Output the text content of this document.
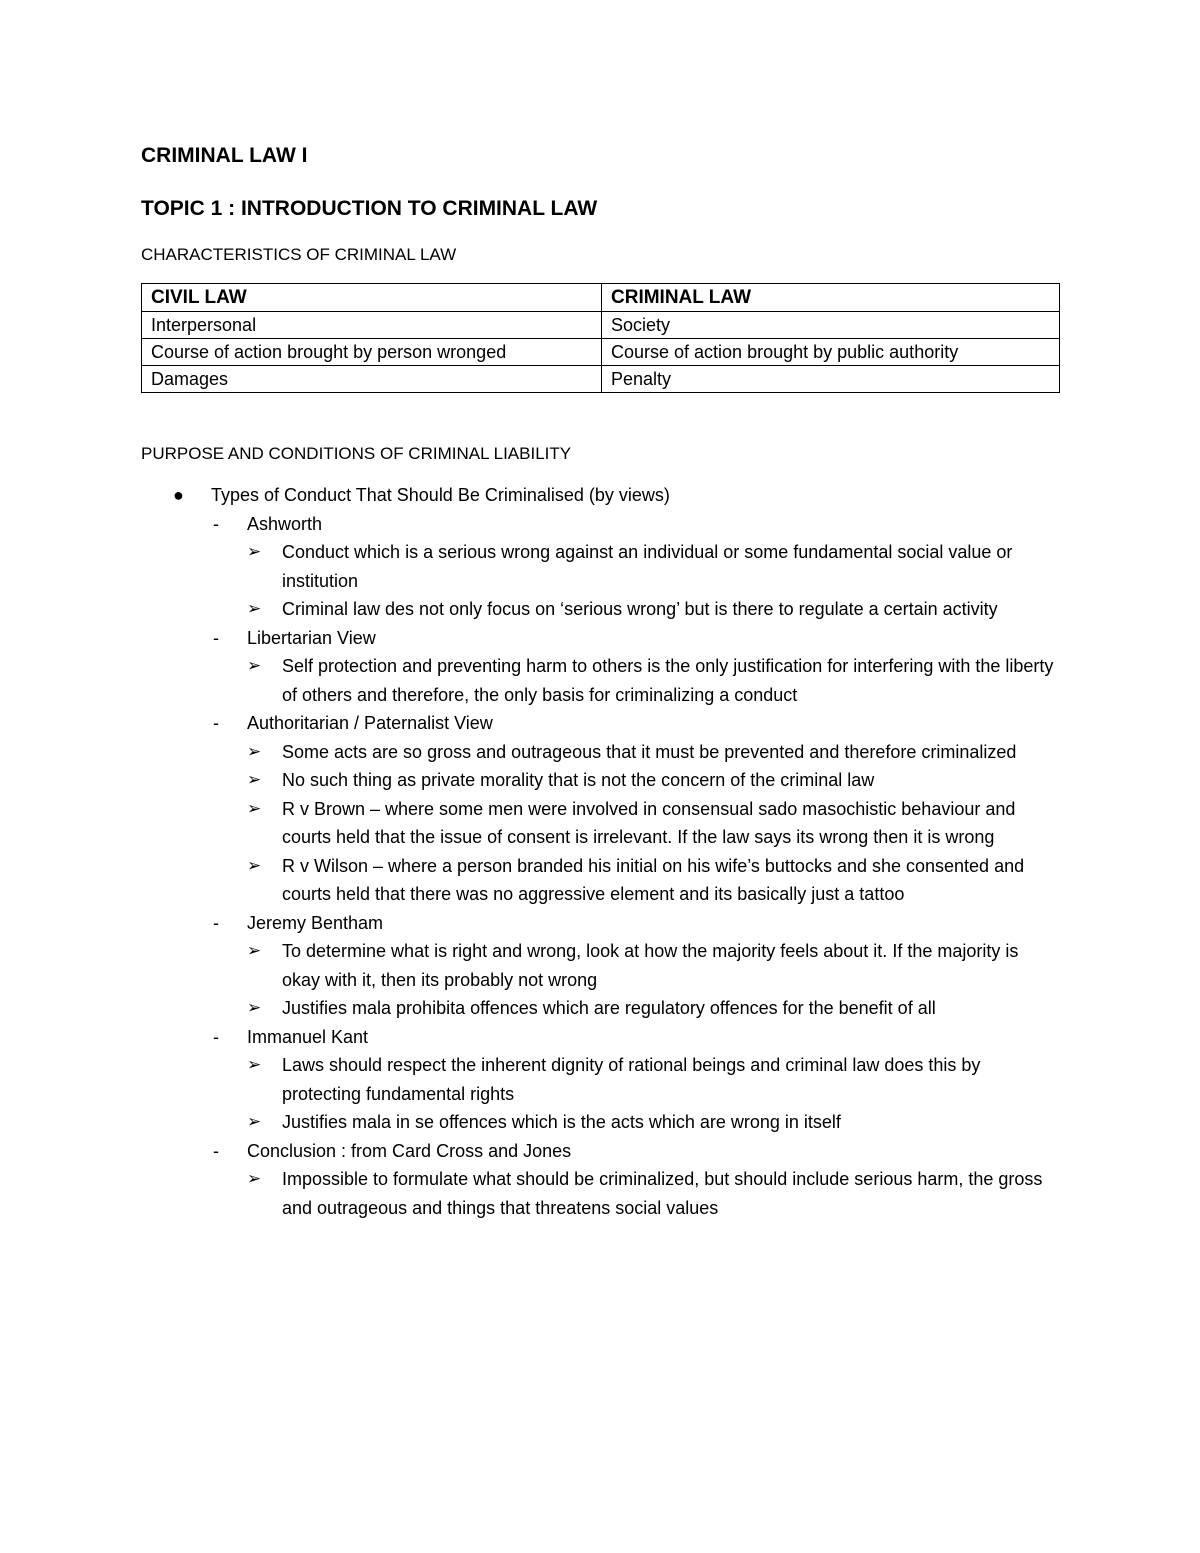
CRIMINAL LAW I
TOPIC 1 : INTRODUCTION TO CRIMINAL LAW
CHARACTERISTICS OF CRIMINAL LAW
CIVIL LAW	CRIMINAL LAW
Interpersonal	Society
Course of action brought by person wronged	Course of action brought by public authority
Damages	Penalty
PURPOSE AND CONDITIONS OF CRIMINAL LIABILITY
● Types of Conduct That Should Be Criminalised (by views)
- Ashworth
➢ Conduct which is a serious wrong against an individual or some fundamental social value or institution
➢ Criminal law des not only focus on ‘serious wrong’ but is there to regulate a certain activity
- Libertarian View
➢ Self protection and preventing harm to others is the only justification for interfering with the liberty of others and therefore, the only basis for criminalizing a conduct
- Authoritarian / Paternalist View
➢ Some acts are so gross and outrageous that it must be prevented and therefore criminalized
➢ No such thing as private morality that is not the concern of the criminal law
➢ R v Brown – where some men were involved in consensual sado masochistic behaviour and courts held that the issue of consent is irrelevant. If the law says its wrong then it is wrong
➢ R v Wilson – where a person branded his initial on his wife’s buttocks and she consented and courts held that there was no aggressive element and its basically just a tattoo
- Jeremy Bentham
➢ To determine what is right and wrong, look at how the majority feels about it. If the majority is okay with it, then its probably not wrong
➢ Justifies mala prohibita offences which are regulatory offences for the benefit of all
- Immanuel Kant
➢ Laws should respect the inherent dignity of rational beings and criminal law does this by protecting fundamental rights
➢ Justifies mala in se offences which is the acts which are wrong in itself
- Conclusion : from Card Cross and Jones
➢ Impossible to formulate what should be criminalized, but should include serious harm, the gross and outrageous and things that threatens social values
